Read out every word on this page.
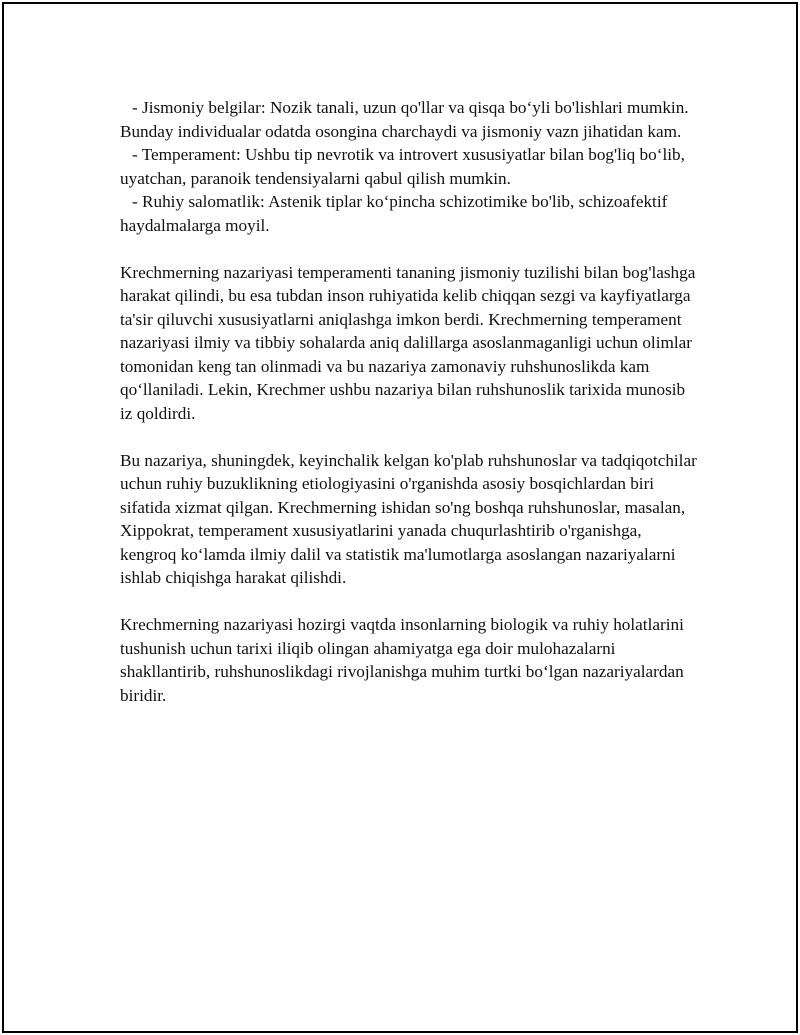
- Jismoniy belgilar: Nozik tanali, uzun qo'llar va qisqa bo‘yli bo'lishlari mumkin. Bunday individualar odatda osongina charchaydi va jismoniy vazn jihatidan kam.

- Temperament: Ushbu tip nevrotik va introvert xususiyatlar bilan bog'liq bo‘lib, uyatchan, paranoik tendensiyalarni qabul qilish mumkin.

- Ruhiy salomatlik: Astenik tiplar ko‘pincha schizotimike bo'lib, schizoafektif haydalmalarga moyil.

Krechmerning nazariyasi temperamenti tananing jismoniy tuzilishi bilan bog'lashga harakat qilindi, bu esa tubdan inson ruhiyatida kelib chiqqan sezgi va kayfiyatlarga ta'sir qiluvchi xususiyatlarni aniqlashga imkon berdi. Krechmerning temperament nazariyasi ilmiy va tibbiy sohalarda aniq dalillarga asoslanmaganligi uchun olimlar tomonidan keng tan olinmadi va bu nazariya zamonaviy ruhshunoslikda kam qo‘llaniladi. Lekin, Krechmer ushbu nazariya bilan ruhshunoslik tarixida munosib iz qoldirdi.

Bu nazariya, shuningdek, keyinchalik kelgan ko'plab ruhshunoslar va tadqiqotchilar uchun ruhiy buzuklikning etiologiyasini o'rganishda asosiy bosqichlardan biri sifatida xizmat qilgan. Krechmerning ishidan so'ng boshqa ruhshunoslar, masalan, Xippokrat, temperament xususiyatlarini yanada chuqurlashtirib o'rganishga, kengroq ko‘lamda ilmiy dalil va statistik ma'lumotlarga asoslangan nazariyalarni ishlab chiqishga harakat qilishdi.

Krechmerning nazariyasi hozirgi vaqtda insonlarning biologik va ruhiy holatlarini tushunish uchun tarixi iliqib olingan ahamiyatga ega doir mulohazalarni shakllantirib, ruhshunoslikdagi rivojlanishga muhim turtki bo‘lgan nazariyalardan biridir.
